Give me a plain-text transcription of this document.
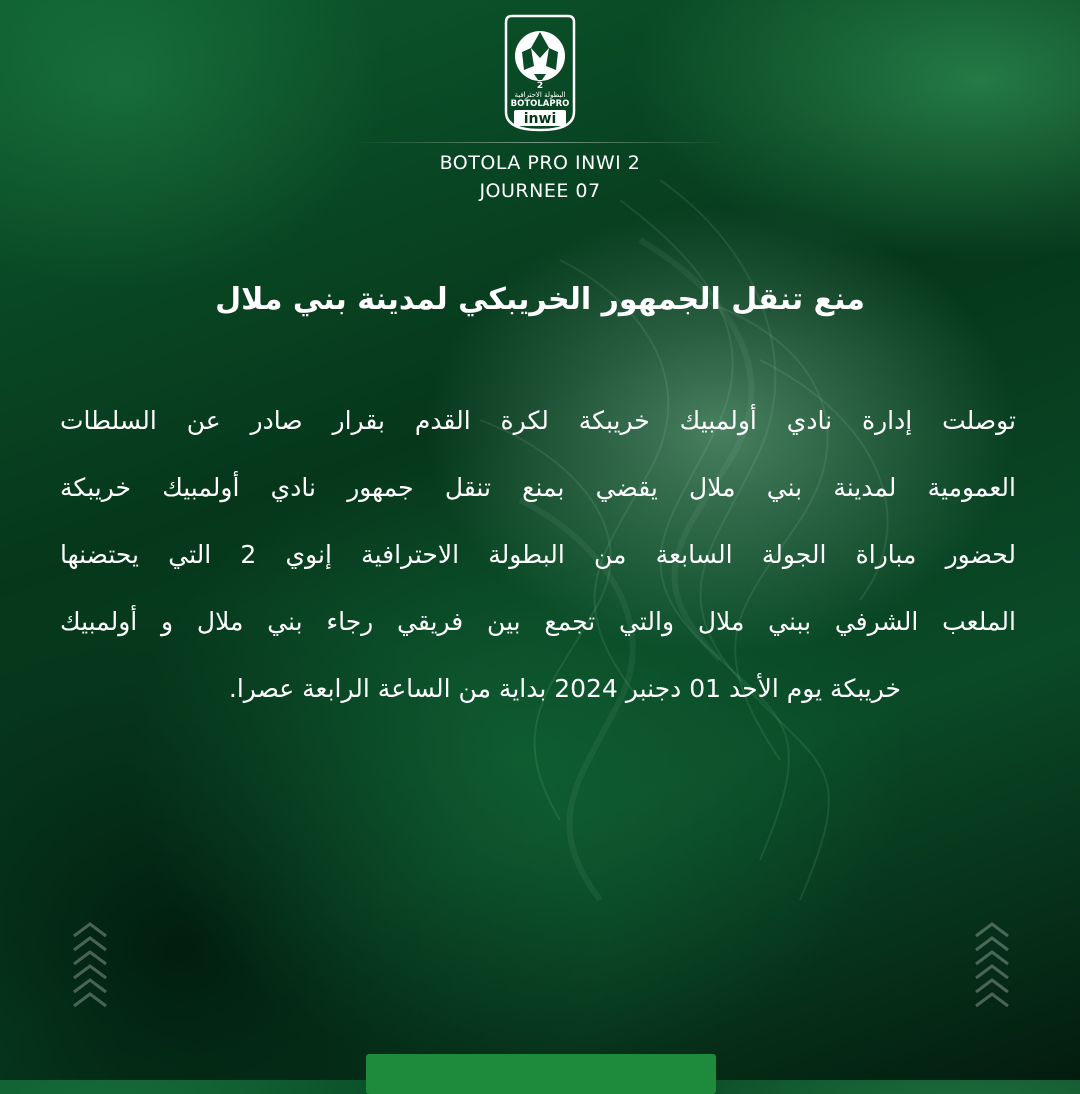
2
البطولة الاحترافية
BOTOLAPRO
inwi
BOTOLA PRO INWI 2
JOURNEE 07
منع تنقل الجمهور الخريبكي لمدينة بني ملال
توصلت إدارة نادي أولمبيك خريبكة لكرة القدم بقرار صادر عن السلطات
العمومية لمدينة بني ملال يقضي بمنع تنقل جمهور نادي أولمبيك خريبكة
لحضور مباراة الجولة السابعة من البطولة الاحترافية إنوي 2 التي يحتضنها
الملعب الشرفي ببني ملال والتي تجمع بين فريقي رجاء بني ملال و أولمبيك
خريبكة يوم الأحد 01 دجنبر 2024 بداية من الساعة الرابعة عصرا.
